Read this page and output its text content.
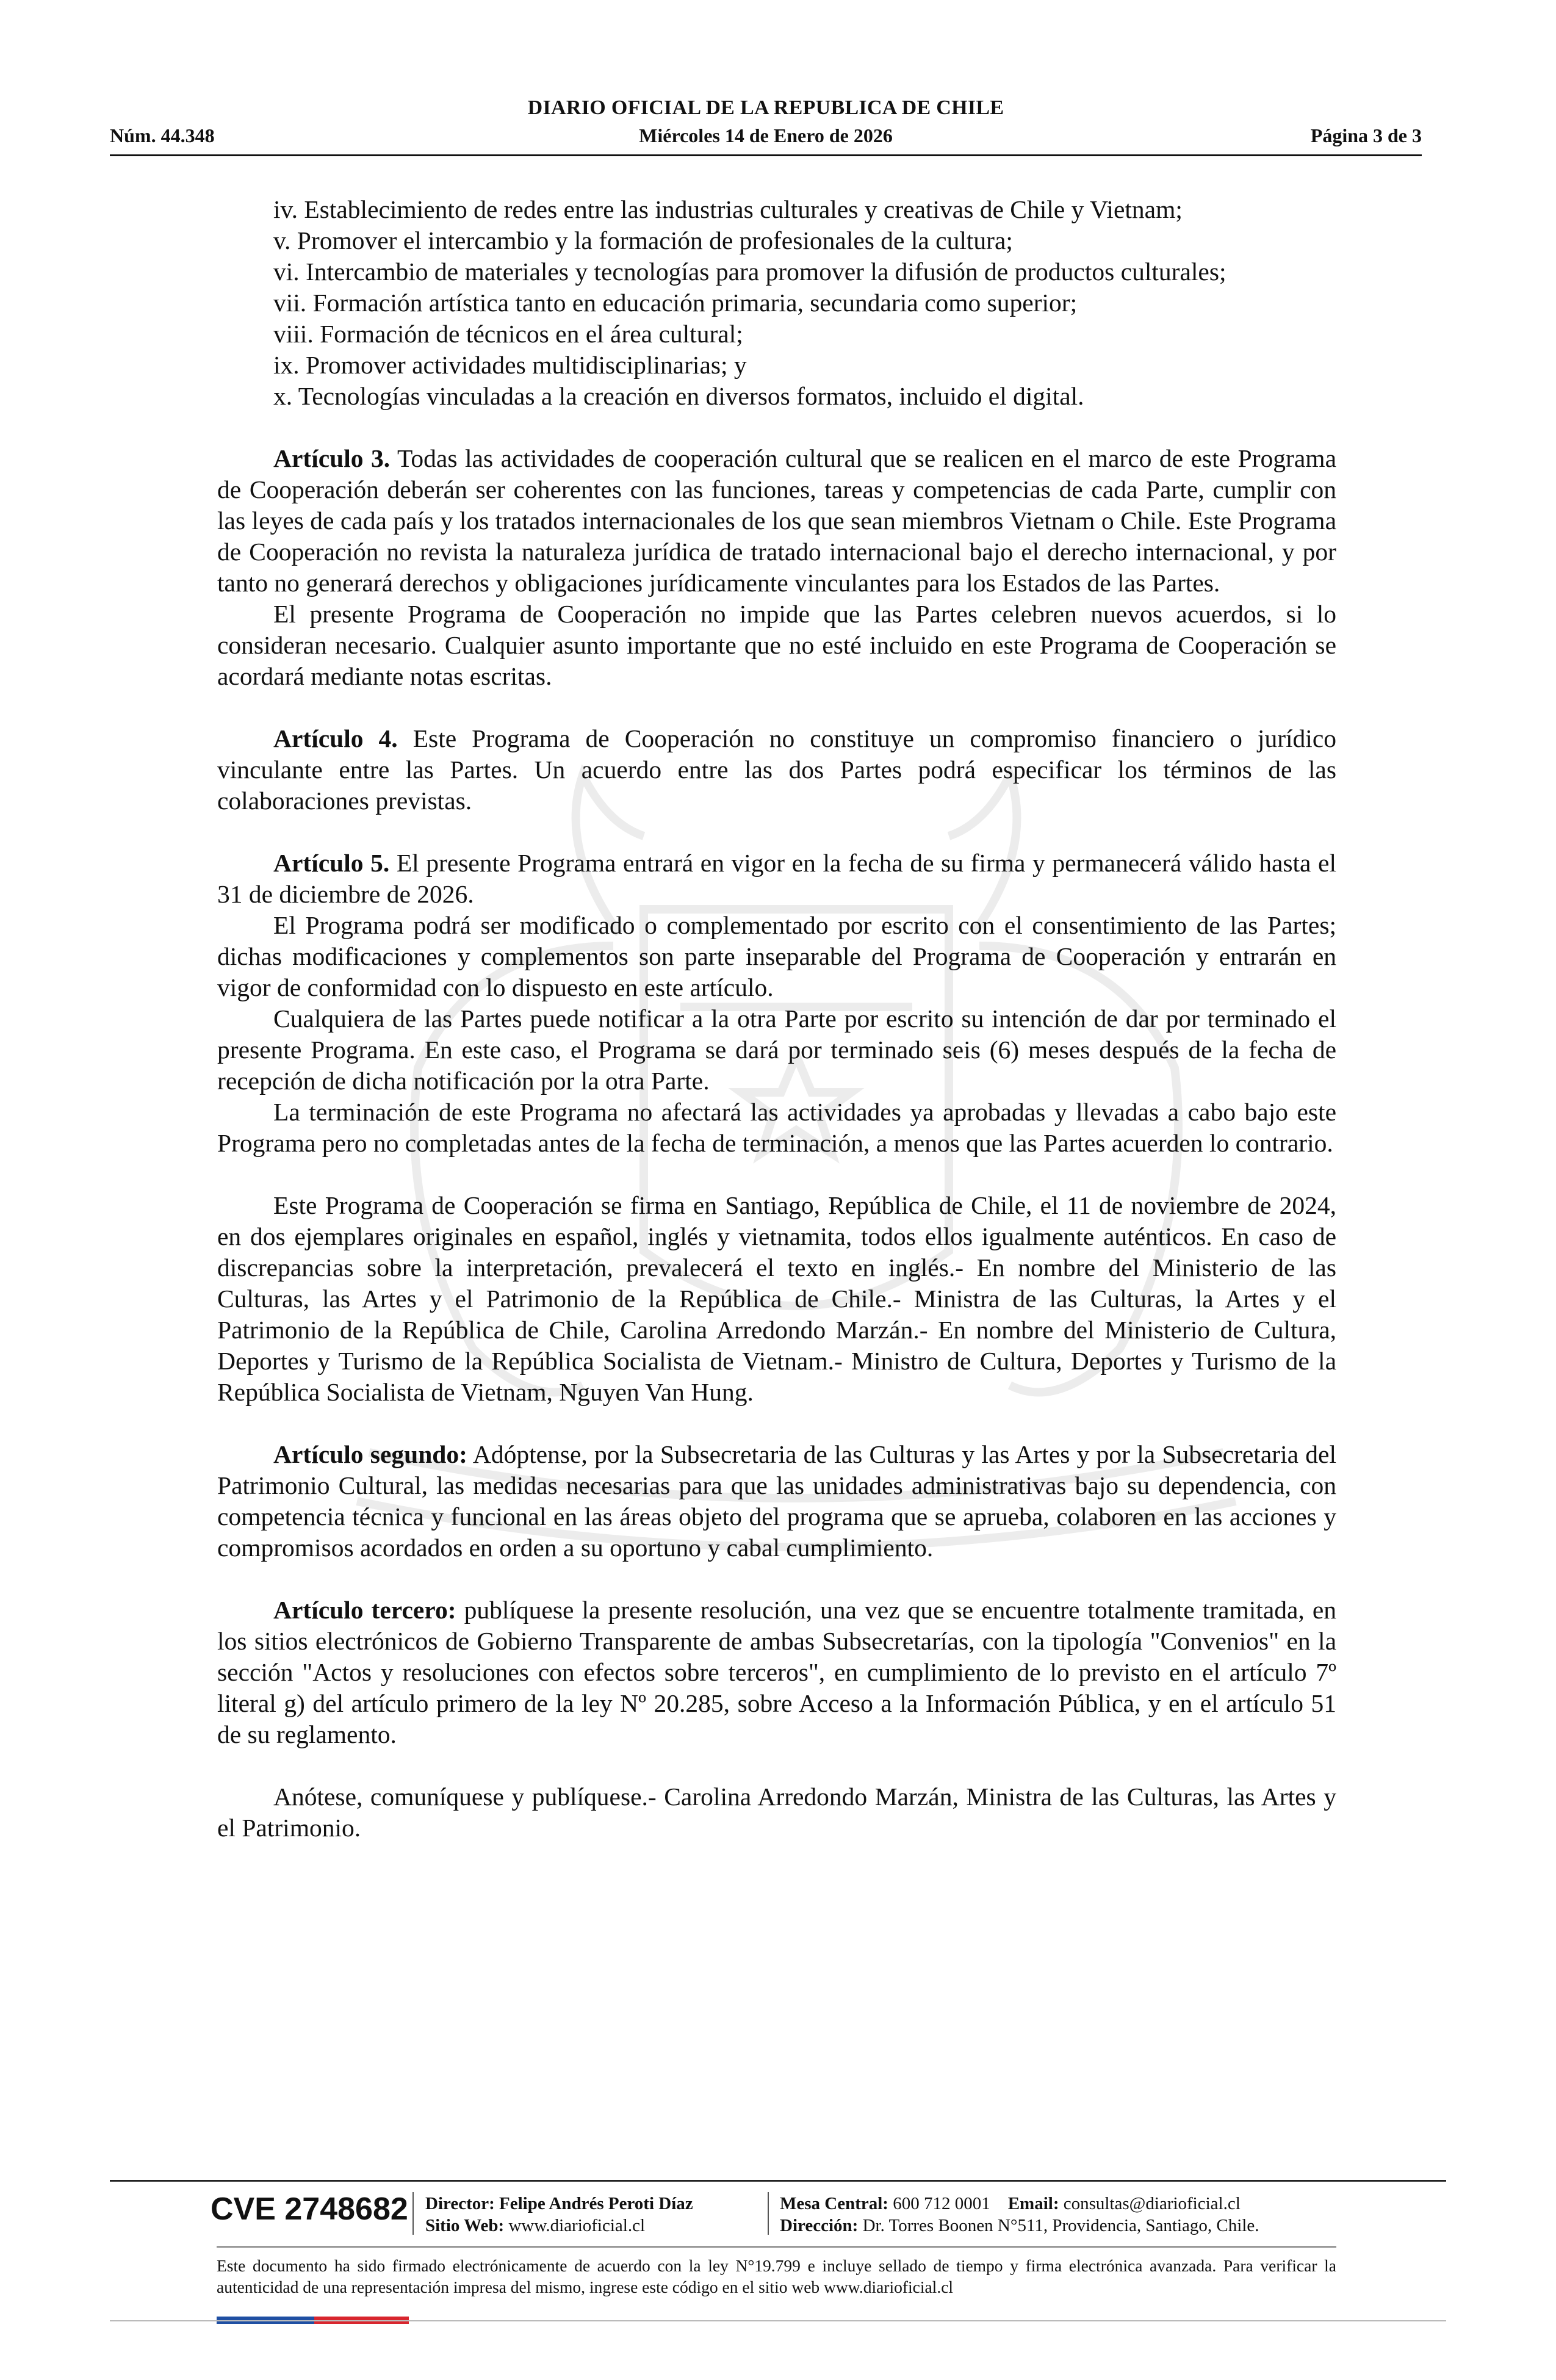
DIARIO OFICIAL DE LA REPUBLICA DE CHILE
Núm. 44.348	Miércoles 14 de Enero de 2026	Página 3 de 3

iv. Establecimiento de redes entre las industrias culturales y creativas de Chile y Vietnam;

v. Promover el intercambio y la formación de profesionales de la cultura;

vi. Intercambio de materiales y tecnologías para promover la difusión de productos culturales;

vii. Formación artística tanto en educación primaria, secundaria como superior;

viii. Formación de técnicos en el área cultural;

ix. Promover actividades multidisciplinarias; y

x. Tecnologías vinculadas a la creación en diversos formatos, incluido el digital.

Artículo 3. Todas las actividades de cooperación cultural que se realicen en el marco de este Programa de Cooperación deberán ser coherentes con las funciones, tareas y competencias de cada Parte, cumplir con las leyes de cada país y los tratados internacionales de los que sean miembros Vietnam o Chile. Este Programa de Cooperación no revista la naturaleza jurídica de tratado internacional bajo el derecho internacional, y por tanto no generará derechos y obligaciones jurídicamente vinculantes para los Estados de las Partes.

El presente Programa de Cooperación no impide que las Partes celebren nuevos acuerdos, si lo consideran necesario. Cualquier asunto importante que no esté incluido en este Programa de Cooperación se acordará mediante notas escritas.

Artículo 4. Este Programa de Cooperación no constituye un compromiso financiero o jurídico vinculante entre las Partes. Un acuerdo entre las dos Partes podrá especificar los términos de las colaboraciones previstas.

Artículo 5. El presente Programa entrará en vigor en la fecha de su firma y permanecerá válido hasta el 31 de diciembre de 2026.

El Programa podrá ser modificado o complementado por escrito con el consentimiento de las Partes; dichas modificaciones y complementos son parte inseparable del Programa de Cooperación y entrarán en vigor de conformidad con lo dispuesto en este artículo.

Cualquiera de las Partes puede notificar a la otra Parte por escrito su intención de dar por terminado el presente Programa. En este caso, el Programa se dará por terminado seis (6) meses después de la fecha de recepción de dicha notificación por la otra Parte.

La terminación de este Programa no afectará las actividades ya aprobadas y llevadas a cabo bajo este Programa pero no completadas antes de la fecha de terminación, a menos que las Partes acuerden lo contrario.

Este Programa de Cooperación se firma en Santiago, República de Chile, el 11 de noviembre de 2024, en dos ejemplares originales en español, inglés y vietnamita, todos ellos igualmente auténticos. En caso de discrepancias sobre la interpretación, prevalecerá el texto en inglés.- En nombre del Ministerio de las Culturas, las Artes y el Patrimonio de la República de Chile.- Ministra de las Culturas, la Artes y el Patrimonio de la República de Chile, Carolina Arredondo Marzán.- En nombre del Ministerio de Cultura, Deportes y Turismo de la República Socialista de Vietnam.- Ministro de Cultura, Deportes y Turismo de la República Socialista de Vietnam, Nguyen Van Hung.

Artículo segundo: Adóptense, por la Subsecretaria de las Culturas y las Artes y por la Subsecretaria del Patrimonio Cultural, las medidas necesarias para que las unidades administrativas bajo su dependencia, con competencia técnica y funcional en las áreas objeto del programa que se aprueba, colaboren en las acciones y compromisos acordados en orden a su oportuno y cabal cumplimiento.

Artículo tercero: publíquese la presente resolución, una vez que se encuentre totalmente tramitada, en los sitios electrónicos de Gobierno Transparente de ambas Subsecretarías, con la tipología "Convenios" en la sección "Actos y resoluciones con efectos sobre terceros", en cumplimiento de lo previsto en el artículo 7º literal g) del artículo primero de la ley Nº 20.285, sobre Acceso a la Información Pública, y en el artículo 51 de su reglamento.

Anótese, comuníquese y publíquese.- Carolina Arredondo Marzán, Ministra de las Culturas, las Artes y el Patrimonio.

CVE 2748682 Director: Felipe Andrés Peroti Díaz
Sitio Web: www.diarioficial.cl
Mesa Central: 600 712 0001 Email: consultas@diarioficial.cl
Dirección: Dr. Torres Boonen N°511, Providencia, Santiago, Chile.
Este documento ha sido firmado electrónicamente de acuerdo con la ley N°19.799 e incluye sellado de tiempo y firma electrónica avanzada. Para verificar la autenticidad de una representación impresa del mismo, ingrese este código en el sitio web www.diarioficial.cl
